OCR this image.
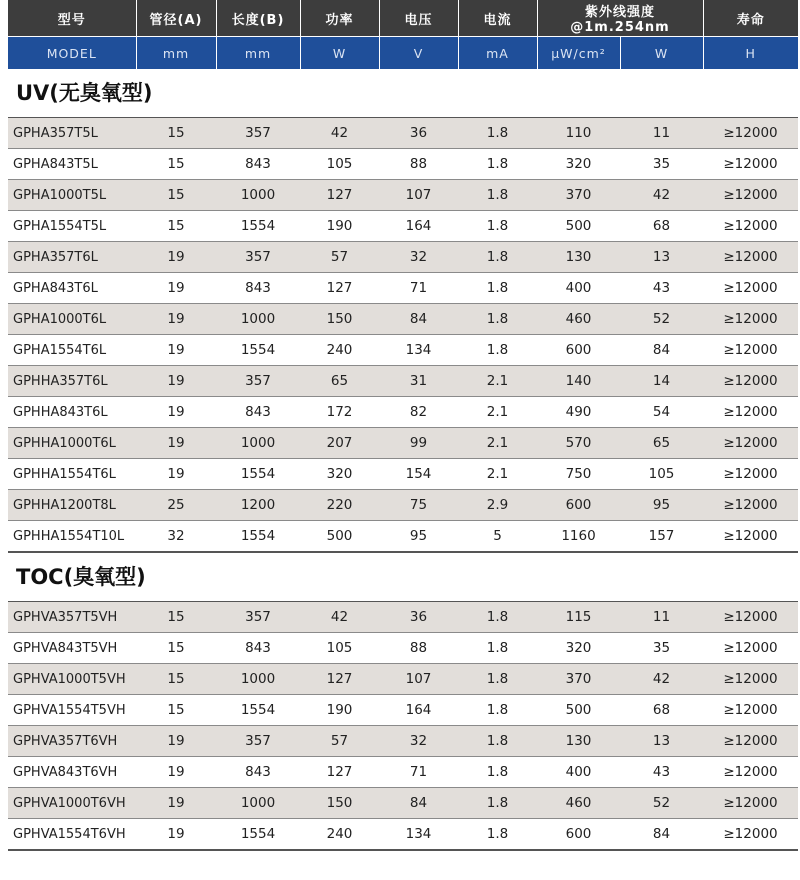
型号	管径(A)	长度(B)	功率	电压	电流	紫外线强度@1m.254nm		寿命
MODEL	mm	mm	W	V	mA	μW/cm²	W	H
UV(无臭氧型)								
GPHA357T5L	15	357	42	36	1.8	110	11	≥12000
GPHA843T5L	15	843	105	88	1.8	320	35	≥12000
GPHA1000T5L	15	1000	127	107	1.8	370	42	≥12000
GPHA1554T5L	15	1554	190	164	1.8	500	68	≥12000
GPHA357T6L	19	357	57	32	1.8	130	13	≥12000
GPHA843T6L	19	843	127	71	1.8	400	43	≥12000
GPHA1000T6L	19	1000	150	84	1.8	460	52	≥12000
GPHA1554T6L	19	1554	240	134	1.8	600	84	≥12000
GPHHA357T6L	19	357	65	31	2.1	140	14	≥12000
GPHHA843T6L	19	843	172	82	2.1	490	54	≥12000
GPHHA1000T6L	19	1000	207	99	2.1	570	65	≥12000
GPHHA1554T6L	19	1554	320	154	2.1	750	105	≥12000
GPHHA1200T8L	25	1200	220	75	2.9	600	95	≥12000
GPHHA1554T10L	32	1554	500	95	5	1160	157	≥12000
TOC(臭氧型)								
GPHVA357T5VH	15	357	42	36	1.8	115	11	≥12000
GPHVA843T5VH	15	843	105	88	1.8	320	35	≥12000
GPHVA1000T5VH	15	1000	127	107	1.8	370	42	≥12000
GPHVA1554T5VH	15	1554	190	164	1.8	500	68	≥12000
GPHVA357T6VH	19	357	57	32	1.8	130	13	≥12000
GPHVA843T6VH	19	843	127	71	1.8	400	43	≥12000
GPHVA1000T6VH	19	1000	150	84	1.8	460	52	≥12000
GPHVA1554T6VH	19	1554	240	134	1.8	600	84	≥12000
